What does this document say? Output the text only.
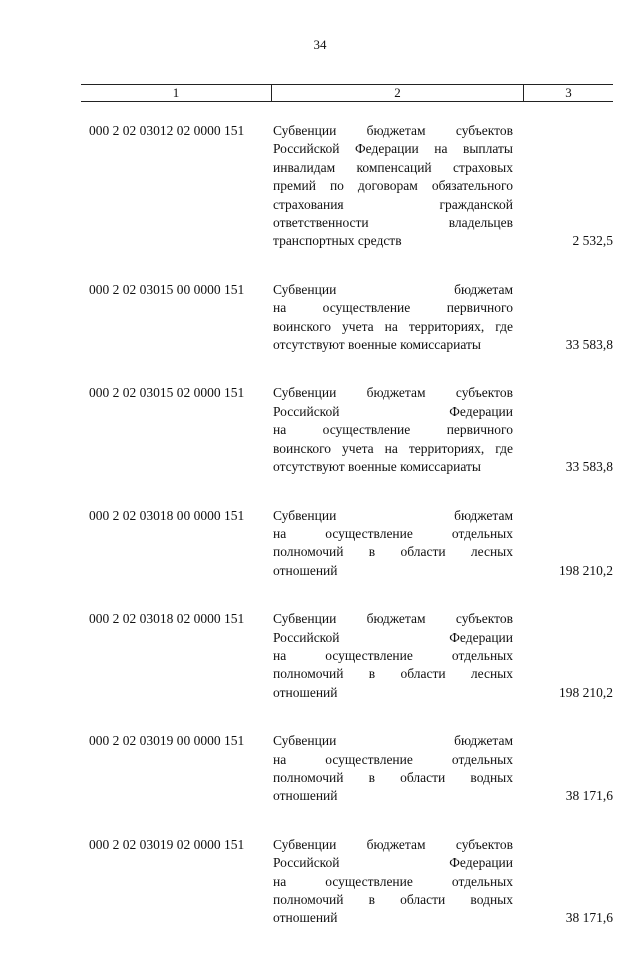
34
1	2	3
000 2 02 03012 02 0000 151	Субвенции бюджетам субъектов
Российской Федерации на выплаты
инвалидам компенсаций страховых
премий по договорам обязательного
страхования гражданской
ответственности владельцев
транспортных средств	2 532,5
000 2 02 03015 00 0000 151	Субвенции бюджетам
на осуществление первичного
воинского учета на территориях, где
отсутствуют военные комиссариаты	33 583,8
000 2 02 03015 02 0000 151	Субвенции бюджетам субъектов
Российской Федерации
на осуществление первичного
воинского учета на территориях, где
отсутствуют военные комиссариаты	33 583,8
000 2 02 03018 00 0000 151	Субвенции бюджетам
на осуществление отдельных
полномочий в области лесных
отношений	198 210,2
000 2 02 03018 02 0000 151	Субвенции бюджетам субъектов
Российской Федерации
на осуществление отдельных
полномочий в области лесных
отношений	198 210,2
000 2 02 03019 00 0000 151	Субвенции бюджетам
на осуществление отдельных
полномочий в области водных
отношений	38 171,6
000 2 02 03019 02 0000 151	Субвенции бюджетам субъектов
Российской Федерации
на осуществление отдельных
полномочий в области водных
отношений	38 171,6
